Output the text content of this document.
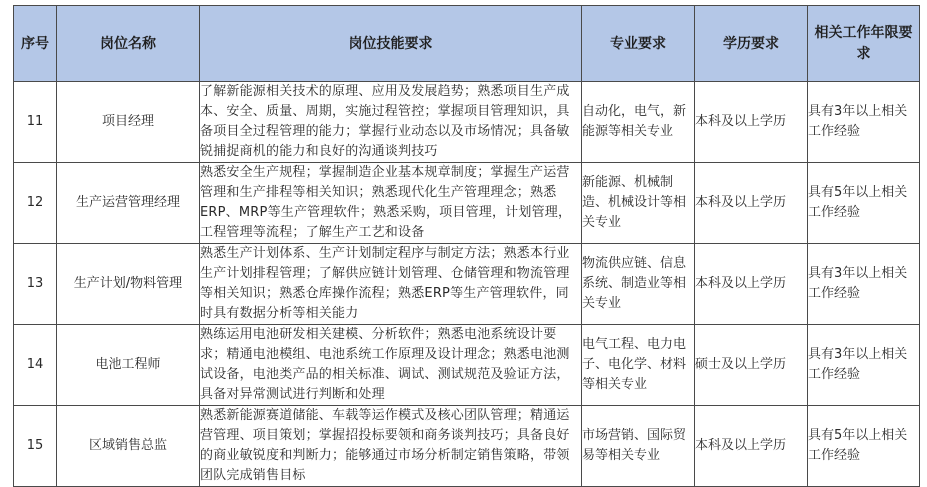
序号	岗位名称	岗位技能要求	专业要求	学历要求	相关工作年限要求
11	项目经理	了解新能源相关技术的原理、应用及发展趋势；熟悉项目生产成本、安全、质量、周期，实施过程管控；掌握项目管理知识，具备项目全过程管理的能力；掌握行业动态以及市场情况；具备敏锐捕捉商机的能力和良好的沟通谈判技巧	自动化，电气，新能源等相关专业	本科及以上学历	具有3年以上相关工作经验
12	生产运营管理经理	熟悉安全生产规程；掌握制造企业基本规章制度；掌握生产运营管理和生产排程等相关知识；熟悉现代化生产管理理念；熟悉ERP、MRP等生产管理软件；熟悉采购，项目管理，计划管理，工程管理等流程；了解生产工艺和设备	新能源、机械制造、机械设计等相关专业	本科及以上学历	具有5年以上相关工作经验
13	生产计划/物料管理	熟悉生产计划体系、生产计划制定程序与制定方法；熟悉本行业生产计划排程管理；了解供应链计划管理、仓储管理和物流管理等相关知识；熟悉仓库操作流程；熟悉ERP等生产管理软件，同时具有数据分析等相关能力	物流供应链、信息系统、制造业等相关专业	本科及以上学历	具有3年以上相关工作经验
14	电池工程师	熟练运用电池研发相关建模、分析软件；熟悉电池系统设计要求；精通电池模组、电池系统工作原理及设计理念；熟悉电池测试设备，电池类产品的相关标准、调试、测试规范及验证方法，具备对异常测试进行判断和处理	电气工程、电力电子、电化学、材料等相关专业	硕士及以上学历	具有3年以上相关工作经验
15	区域销售总监	熟悉新能源赛道储能、车载等运作模式及核心团队管理；精通运营管理、项目策划；掌握招投标要领和商务谈判技巧；具备良好的商业敏锐度和判断力；能够通过市场分析制定销售策略，带领团队完成销售目标	市场营销、国际贸易等相关专业	本科及以上学历	具有5年以上相关工作经验
